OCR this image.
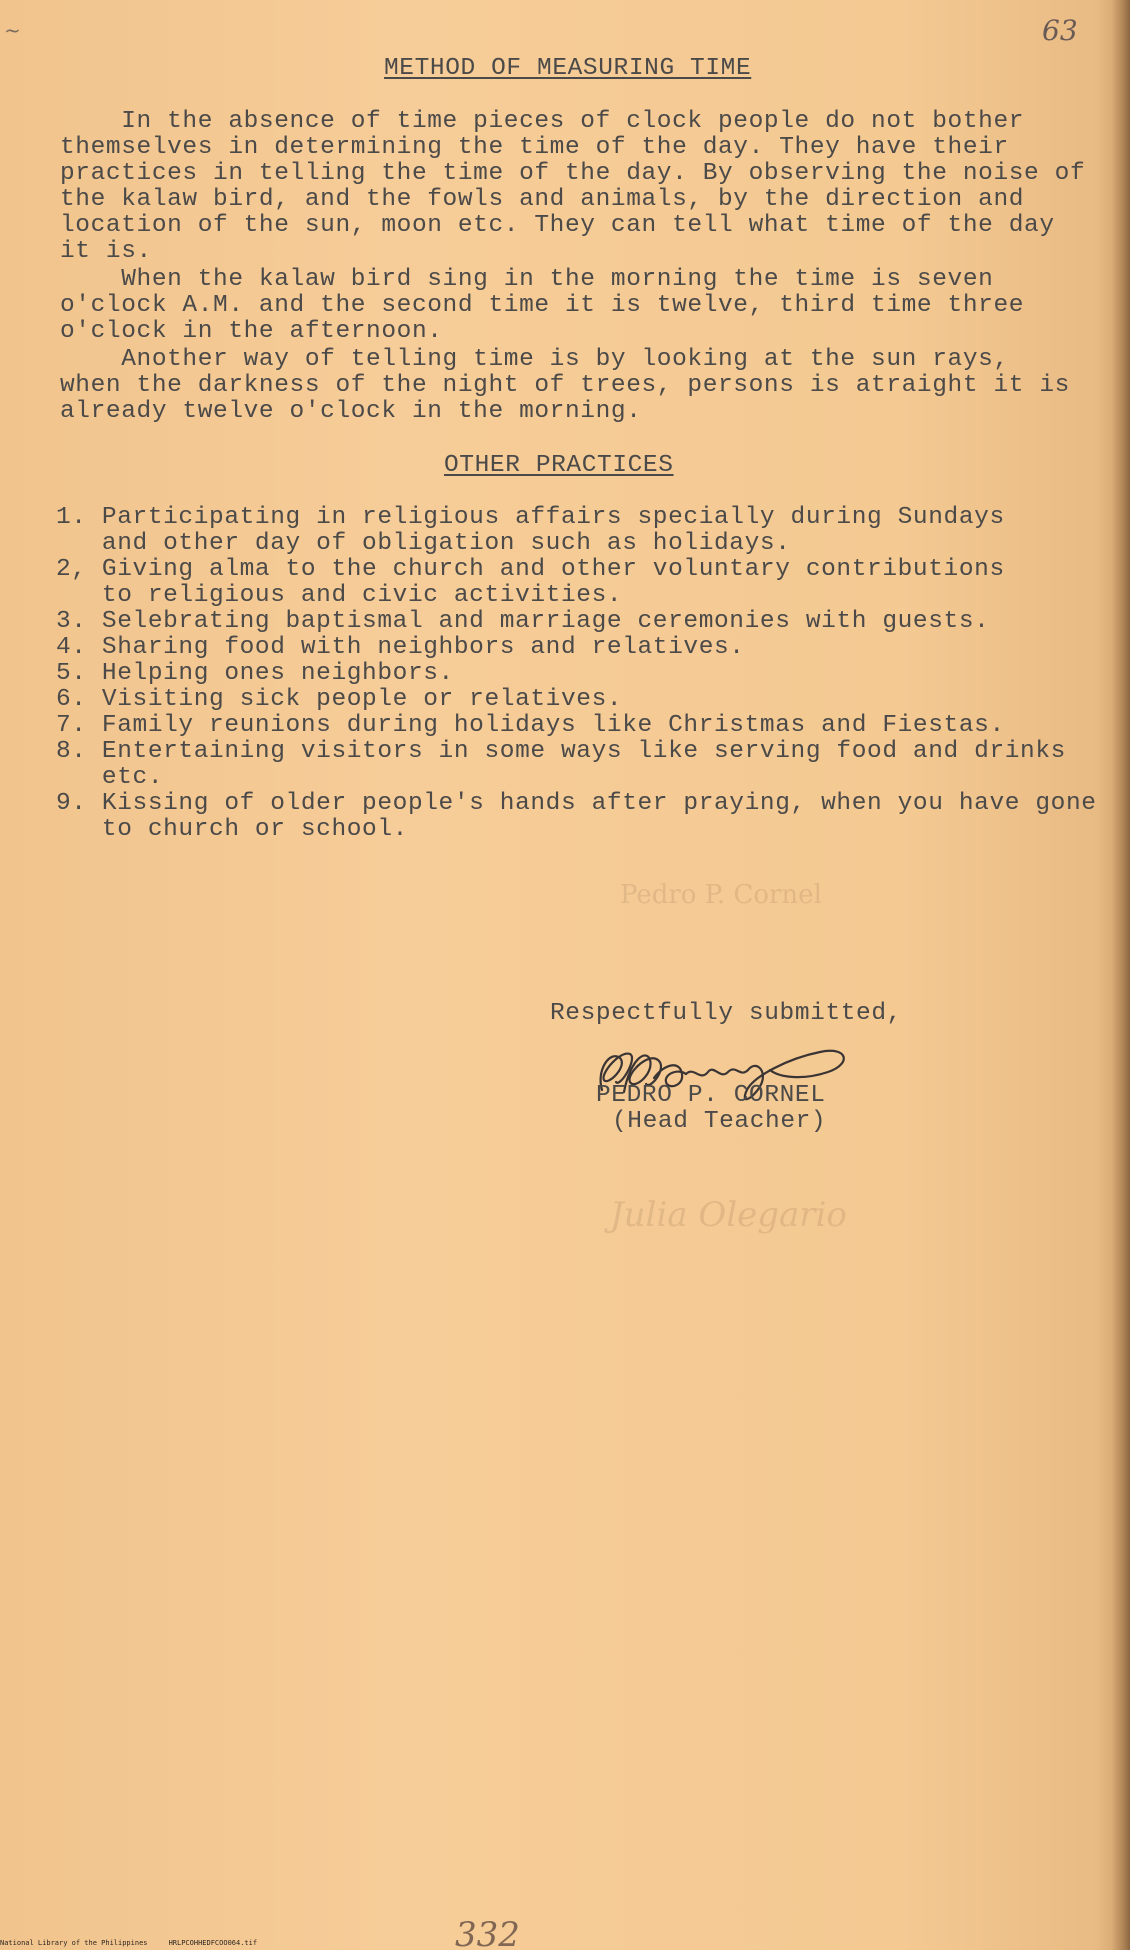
~	63
Julia Olegario
Pedro P. Cornel
METHOD OF MEASURING TIME
In the absence of time pieces of clock people do not bother
themselves in determining the time of the day. They have their
practices in telling the time of the day. By observing the noise of
the kalaw bird, and the fowls and animals, by the direction and
location of the sun, moon etc. They can tell what time of the day
it is.
When the kalaw bird sing in the morning the time is seven
o'clock A.M. and the second time it is twelve, third time three
o'clock in the afternoon.
Another way of telling time is by looking at the sun rays,
when the darkness of the night of trees, persons is atraight it is
already twelve o'clock in the morning.
OTHER PRACTICES
1. Participating in religious affairs specially during Sundays
and other day of obligation such as holidays.
2, Giving alma to the church and other voluntary contributions
to religious and civic activities.
3. Selebrating baptismal and marriage ceremonies with guests.
4. Sharing food with neighbors and relatives.
5. Helping ones neighbors.
6. Visiting sick people or relatives.
7. Family reunions during holidays like Christmas and Fiestas.
8. Entertaining visitors in some ways like serving food and drinks
etc.
9. Kissing of older people's hands after praying, when you have gone
to church or school.
Respectfully submitted,
PEDRO P. CORNEL
(Head Teacher)
332
National Library of the Philippines     HRLPCOHHEDFCOO064.tif
